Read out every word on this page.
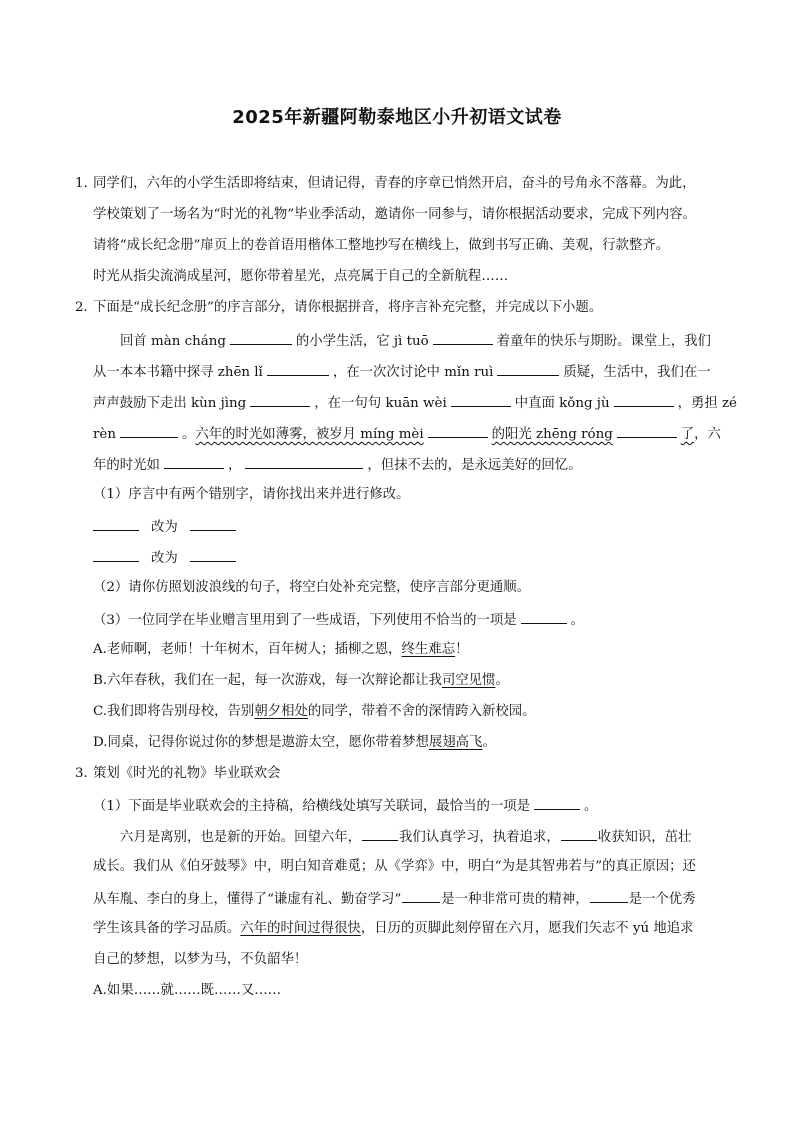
2025年新疆阿勒泰地区小升初语文试卷
1．
同学们，六年的小学生活即将结束，但请记得，青春的序章已悄然开启，奋斗的号角永不落幕。为此，
学校策划了一场名为“时光的礼物”毕业季活动，邀请你一同参与，请你根据活动要求，完成下列内容。
请将“成长纪念册”扉页上的卷首语用楷体工整地抄写在横线上，做到书写正确、美观，行款整齐。
时光从指尖流淌成星河，愿你带着星光，点亮属于自己的全新航程……
2．
下面是“成长纪念册”的序言部分，请你根据拼音，将序言补充完整，并完成以下小题。
回首 màn cháng	的小学生活，它 jì tuō	着童年的快乐与期盼。课堂上，我们
从一本本书籍中探寻 zhēn lǐ	，在一次次讨论中 mǐn ruì	质疑，生活中，我们在一
声声鼓励下走出 kùn jìng	，在一句句 kuān wèi	中直面 kǒng jù	，勇担 zé
rèn	。六年的时光如薄雾，被岁月 míng mèi	的阳光 zhēng róng	了，六
年的时光如	，	，但抹不去的，是永远美好的回忆。
（1）序言中有两个错别字，请你找出来并进行修改。
改为
改为
（2）请你仿照划波浪线的句子，将空白处补充完整，使序言部分更通顺。
（3）一位同学在毕业赠言里用到了一些成语，下列使用不恰当的一项是	。
A.老师啊，老师！十年树木，百年树人；插柳之恩，终生难忘！
B.六年春秋，我们在一起，每一次游戏，每一次辩论都让我司空见惯。
C.我们即将告别母校，告别朝夕相处的同学，带着不舍的深情跨入新校园。
D.同桌，记得你说过你的梦想是遨游太空，愿你带着梦想展翅高飞。
3．
策划《时光的礼物》毕业联欢会
（1）下面是毕业联欢会的主持稿，给横线处填写关联词，最恰当的一项是	。
六月是离别，也是新的开始。回望六年，	我们认真学习，执着追求，	收获知识，茁壮
成长。我们从《伯牙鼓琴》中，明白知音难觅；从《学弈》中，明白“为是其智弗若与”的真正原因；还
从车胤、李白的身上，懂得了“谦虚有礼、勤奋学习”	是一种非常可贵的精神，	是一个优秀
学生该具备的学习品质。六年的时间过得很快，日历的页脚此刻停留在六月，愿我们矢志不 yú 地追求
自己的梦想，以梦为马，不负韶华！
A.如果……就……既……又……
